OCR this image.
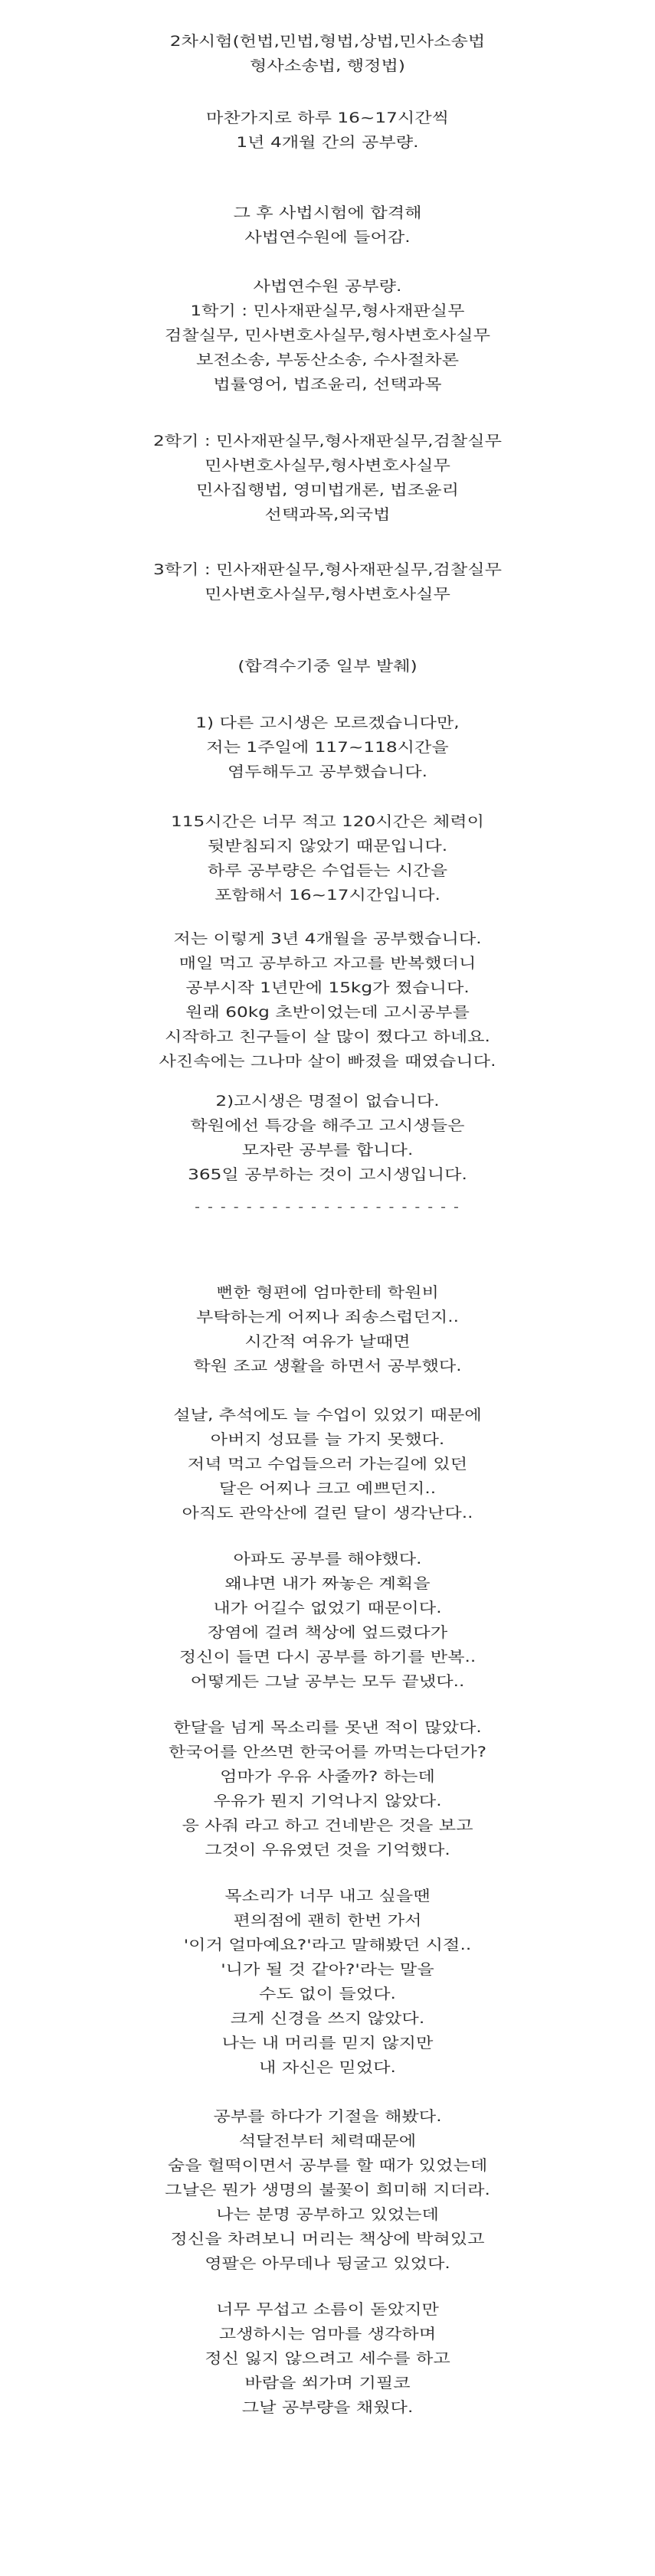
2차시험(헌법,민법,형법,상법,민사소송법
형사소송법, 행정법)
마찬가지로 하루 16~17시간씩
1년 4개월 간의 공부량.
그 후 사법시험에 합격해
사법연수원에 들어감.
사법연수원 공부량.
1학기 : 민사재판실무,형사재판실무
검찰실무, 민사변호사실무,형사변호사실무
보전소송, 부동산소송, 수사절차론
법률영어, 법조윤리, 선택과목
2학기 : 민사재판실무,형사재판실무,검찰실무
민사변호사실무,형사변호사실무
민사집행법, 영미법개론, 법조윤리
선택과목,외국법
3학기 : 민사재판실무,형사재판실무,검찰실무
민사변호사실무,형사변호사실무
(합격수기중 일부 발췌)
1) 다른 고시생은 모르겠습니다만,
저는 1주일에 117~118시간을
염두해두고 공부했습니다.
115시간은 너무 적고 120시간은 체력이
뒷받침되지 않았기 때문입니다.
하루 공부량은 수업듣는 시간을
포함해서 16~17시간입니다.
저는 이렇게 3년 4개월을 공부했습니다.
매일 먹고 공부하고 자고를 반복했더니
공부시작 1년만에 15kg가 쪘습니다.
원래 60kg 초반이었는데 고시공부를
시작하고 친구들이 살 많이 쪘다고 하네요.
사진속에는 그나마 살이 빠졌을 때였습니다.
2)고시생은 명절이 없습니다.
학원에선 특강을 해주고 고시생들은
모자란 공부를 합니다.
365일 공부하는 것이 고시생입니다.
- - - - - - - - - - - - - - - - - - - - -
뻔한 형편에 엄마한테 학원비
부탁하는게 어찌나 죄송스럽던지..
시간적 여유가 날때면
학원 조교 생활을 하면서 공부했다.
설날, 추석에도 늘 수업이 있었기 때문에
아버지 성묘를 늘 가지 못했다.
저녁 먹고 수업들으러 가는길에 있던
달은 어찌나 크고 예쁘던지..
아직도 관악산에 걸린 달이 생각난다..
아파도 공부를 해야했다.
왜냐면 내가 짜놓은 계획을
내가 어길수 없었기 때문이다.
장염에 걸려 책상에 엎드렸다가
정신이 들면 다시 공부를 하기를 반복..
어떻게든 그날 공부는 모두 끝냈다..
한달을 넘게 목소리를 못낸 적이 많았다.
한국어를 안쓰면 한국어를 까먹는다던가?
엄마가 우유 사줄까? 하는데
우유가 뭔지 기억나지 않았다.
응 사줘 라고 하고 건네받은 것을 보고
그것이 우유였던 것을 기억했다.
목소리가 너무 내고 싶을땐
편의점에 괜히 한번 가서
'이거 얼마예요?'라고 말해봤던 시절..
'니가 될 것 같아?'라는 말을
수도 없이 들었다.
크게 신경을 쓰지 않았다.
나는 내 머리를 믿지 않지만
내 자신은 믿었다.
공부를 하다가 기절을 해봤다.
석달전부터 체력때문에
숨을 헐떡이면서 공부를 할 때가 있었는데
그날은 뭔가 생명의 불꽃이 희미해 지더라.
나는 분명 공부하고 있었는데
정신을 차려보니 머리는 책상에 박혀있고
영팔은 아무데나 뒹굴고 있었다.
너무 무섭고 소름이 돋았지만
고생하시는 엄마를 생각하며
정신 잃지 않으려고 세수를 하고
바람을 쐬가며 기필코
그날 공부량을 채웠다.
